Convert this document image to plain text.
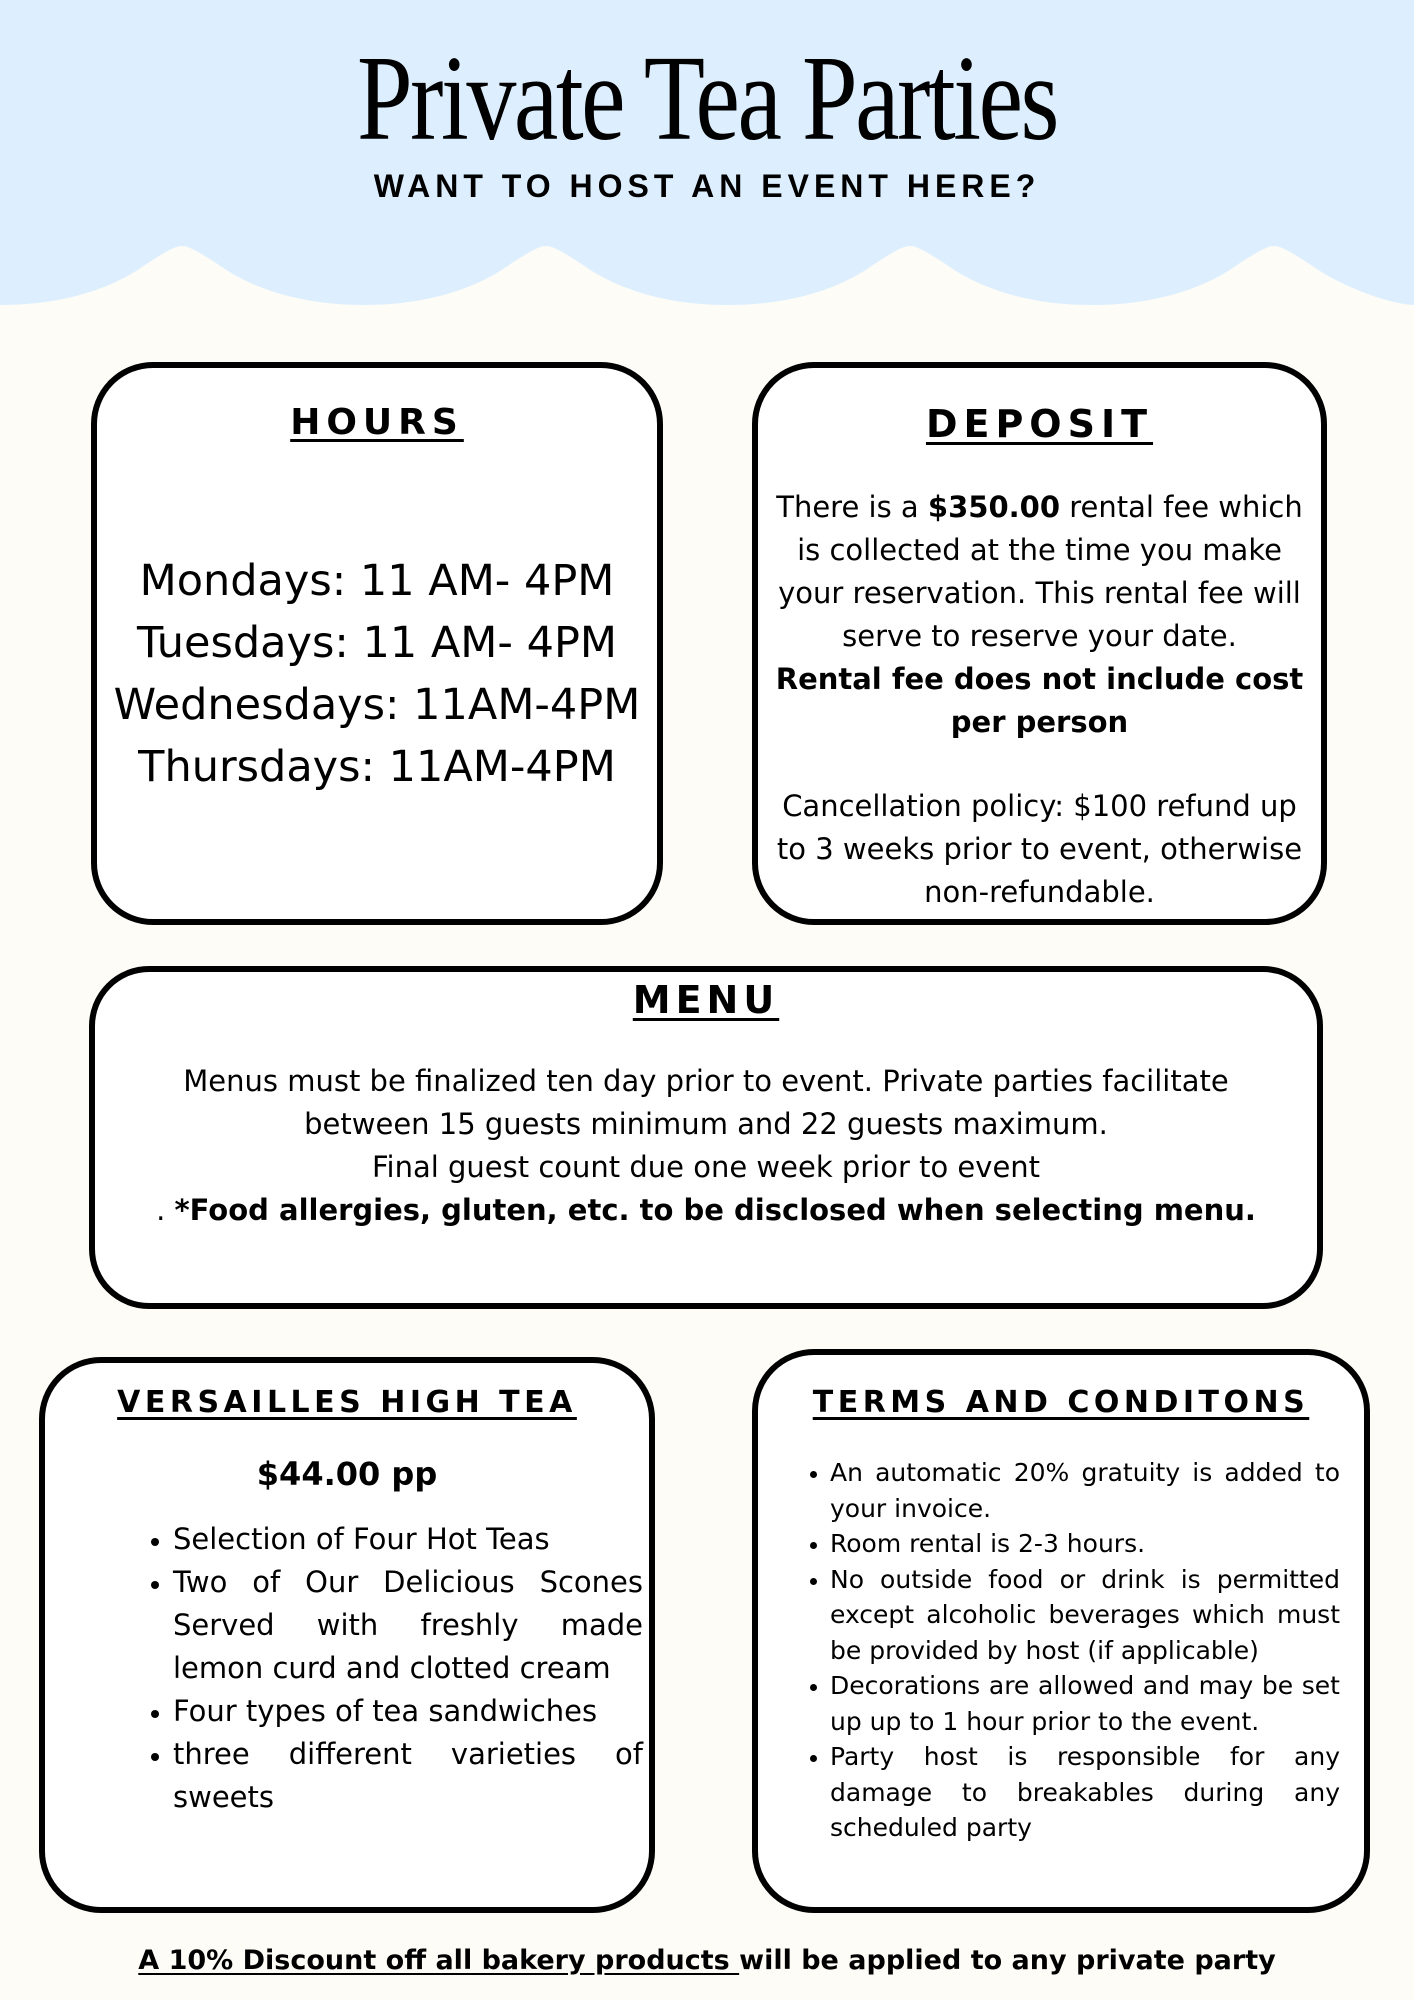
Private Tea Parties
WANT TO HOST AN EVENT HERE?
HOURS
Mondays: 11 AM- 4PM
Tuesdays: 11 AM- 4PM
Wednesdays: 11AM-4PM
Thursdays: 11AM-4PM
DEPOSIT
There is a $350.00 rental fee which is collected at the time you make your reservation. This rental fee will serve to reserve your date.
Rental fee does not include cost per person
Cancellation policy: $100 refund up to 3 weeks prior to event, otherwise non-refundable.
MENU
Menus must be finalized ten day prior to event. Private parties facilitate
between 15 guests minimum and 22 guests maximum.
Final guest count due one week prior to event
. *Food allergies, gluten, etc. to be disclosed when selecting menu.
VERSAILLES HIGH TEA
$44.00 pp
• Selection of Four Hot Teas
• Two of Our Delicious Scones Served with freshly made lemon curd and clotted cream
• Four types of tea sandwiches
• three different varieties of sweets
TERMS AND CONDITONS
• An automatic 20% gratuity is added to your invoice.
• Room rental is 2-3 hours.
• No outside food or drink is permitted except alcoholic beverages which must be provided by host (if applicable)
• Decorations are allowed and may be set up up to 1 hour prior to the event.
• Party host is responsible for any damage to breakables during any scheduled party
A 10% Discount off all bakery products will be applied to any private party
